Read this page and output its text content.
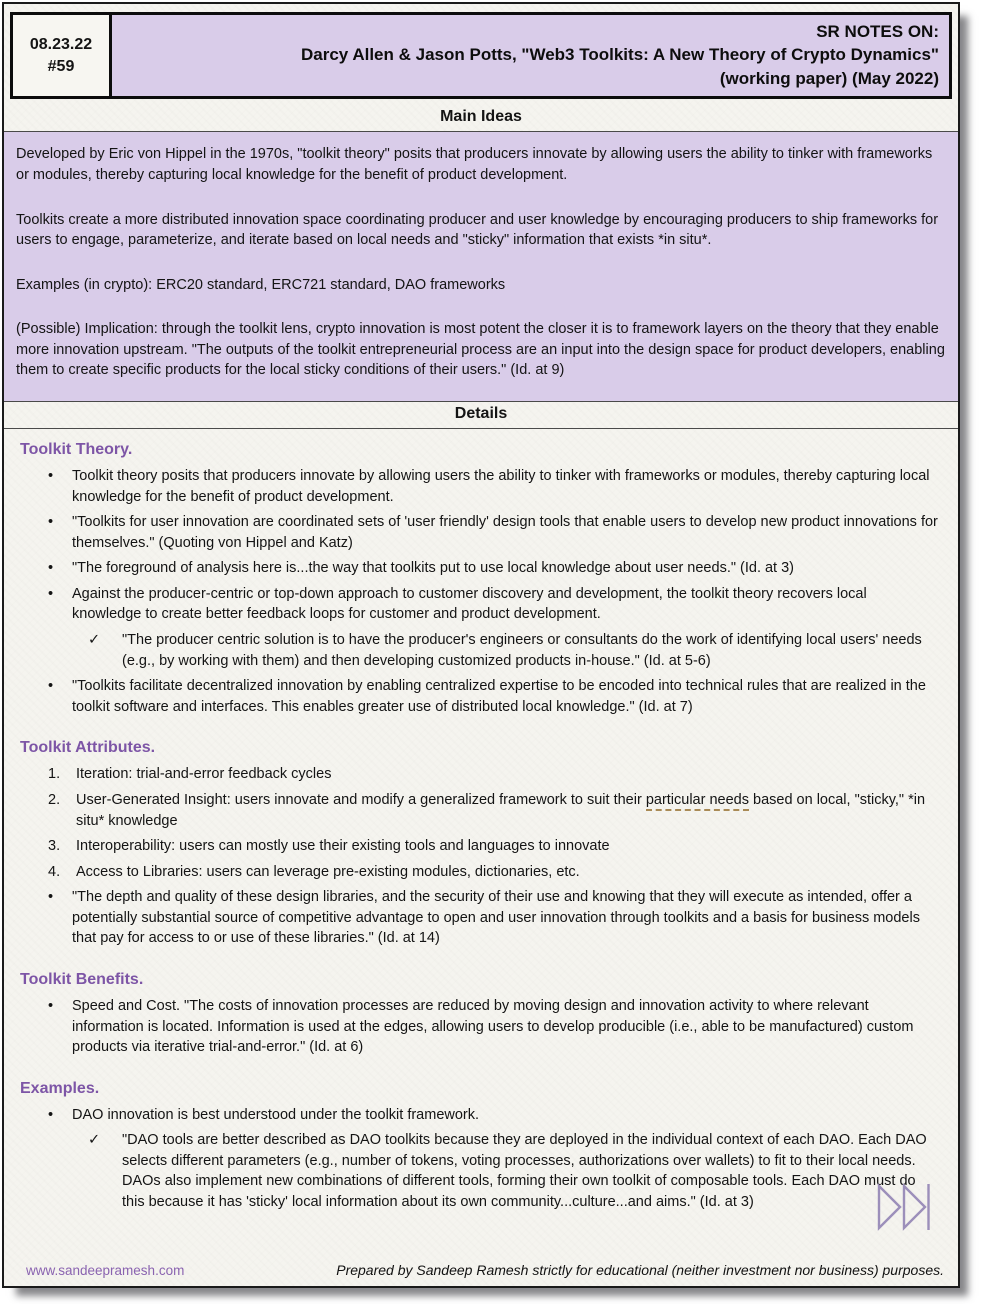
08.23.22
#59
SR NOTES ON:
Darcy Allen & Jason Potts, "Web3 Toolkits: A New Theory of Crypto Dynamics"
(working paper) (May 2022)
Main Ideas

Developed by Eric von Hippel in the 1970s, "toolkit theory" posits that producers innovate by allowing users the ability to tinker with frameworks or modules, thereby capturing local knowledge for the benefit of product development.

Toolkits create a more distributed innovation space coordinating producer and user knowledge by encouraging producers to ship frameworks for users to engage, parameterize, and iterate based on local needs and "sticky" information that exists *in situ*.

Examples (in crypto): ERC20 standard, ERC721 standard, DAO frameworks

(Possible) Implication: through the toolkit lens, crypto innovation is most potent the closer it is to framework layers on the theory that they enable more innovation upstream. "The outputs of the toolkit entrepreneurial process are an input into the design space for product developers, enabling them to create specific products for the local sticky conditions of their users." (Id. at 9)

Details
Toolkit Theory.
•	Toolkit theory posits that producers innovate by allowing users the ability to tinker with frameworks or modules, thereby capturing local knowledge for the benefit of product development.
•	"Toolkits for user innovation are coordinated sets of 'user friendly' design tools that enable users to develop new product innovations for themselves." (Quoting von Hippel and Katz)
•	"The foreground of analysis here is...the way that toolkits put to use local knowledge about user needs." (Id. at 3)
•	Against the producer-centric or top-down approach to customer discovery and development, the toolkit theory recovers local knowledge to create better feedback loops for customer and product development.
✓	"The producer centric solution is to have the producer's engineers or consultants do the work of identifying local users' needs (e.g., by working with them) and then developing customized products in-house." (Id. at 5-6)
•	"Toolkits facilitate decentralized innovation by enabling centralized expertise to be encoded into technical rules that are realized in the toolkit software and interfaces. This enables greater use of distributed local knowledge." (Id. at 7)
Toolkit Attributes.
1.	Iteration: trial-and-error feedback cycles
2.	User-Generated Insight: users innovate and modify a generalized framework to suit their particular needs based on local, "sticky," *in situ* knowledge
3.	Interoperability: users can mostly use their existing tools and languages to innovate
4.	Access to Libraries: users can leverage pre-existing modules, dictionaries, etc.
•	"The depth and quality of these design libraries, and the security of their use and knowing that they will execute as intended, offer a potentially substantial source of competitive advantage to open and user innovation through toolkits and a basis for business models that pay for access to or use of these libraries." (Id. at 14)
Toolkit Benefits.
•	Speed and Cost. "The costs of innovation processes are reduced by moving design and innovation activity to where relevant information is located. Information is used at the edges, allowing users to develop producible (i.e., able to be manufactured) custom products via iterative trial-and-error." (Id. at 6)
Examples.
•	DAO innovation is best understood under the toolkit framework.
✓	"DAO tools are better described as DAO toolkits because they are deployed in the individual context of each DAO. Each DAO selects different parameters (e.g., number of tokens, voting processes, authorizations over wallets) to fit to their local needs. DAOs also implement new combinations of different tools, forming their own toolkit of composable tools. Each DAO must do this because it has 'sticky' local information about its own community...culture...and aims." (Id. at 3)
www.sandeepramesh.com	Prepared by Sandeep Ramesh strictly for educational (neither investment nor business) purposes.
